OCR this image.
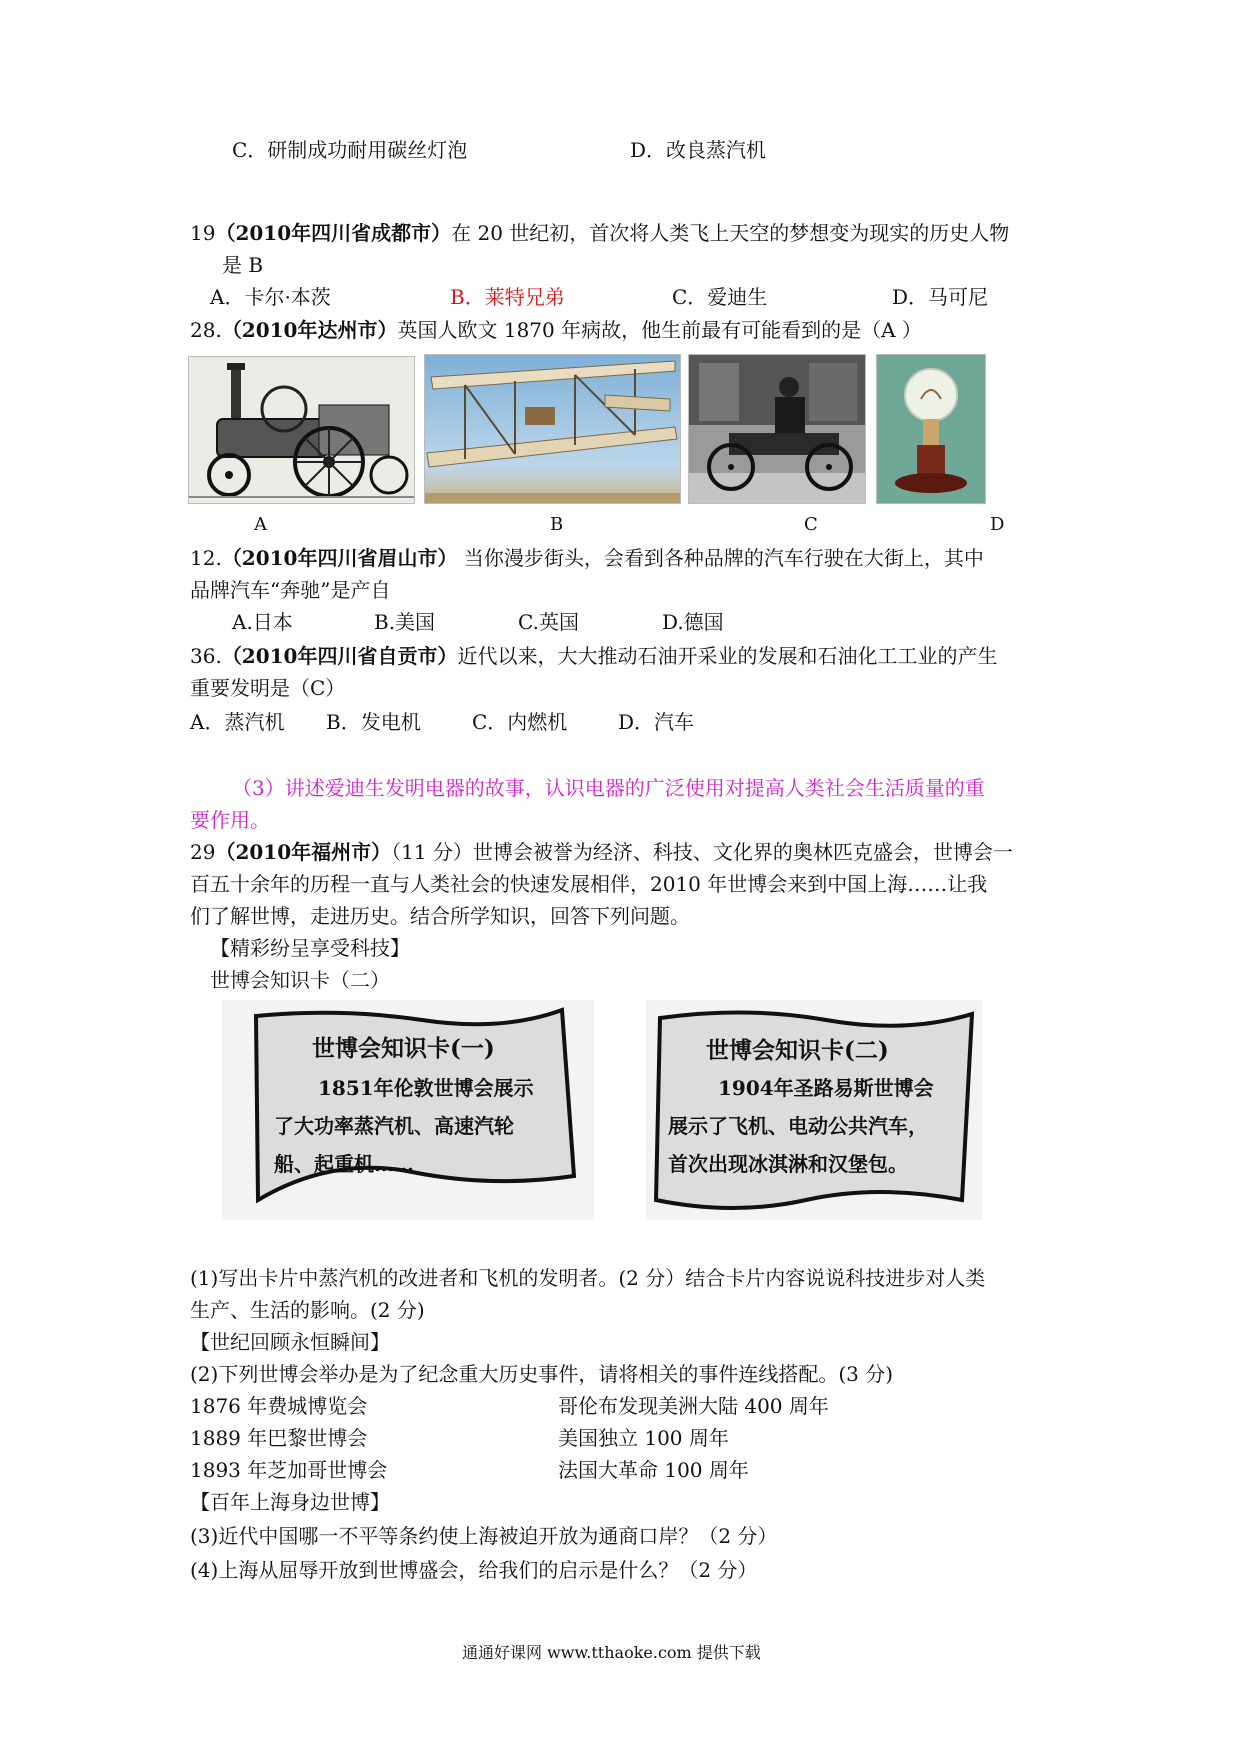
C．研制成功耐用碳丝灯泡	D．改良蒸汽机
19（2010年四川省成都市）在 20 世纪初，首次将人类飞上天空的梦想变为现实的历史人物
是 B
A．卡尔·本茨	B．莱特兄弟	C．爱迪生	D．马可尼
28.（2010年达州市）英国人欧文 1870 年病故，他生前最有可能看到的是（A ）
A	B	C	D
12.（2010年四川省眉山市） 当你漫步街头，会看到各种品牌的汽车行驶在大街上，其中
品牌汽车“奔驰”是产自
A.日本	B.美国	C.英国	D.德国
36.（2010年四川省自贡市）近代以来，大大推动石油开采业的发展和石油化工工业的产生
重要发明是（C）
A．蒸汽机 B．发电机	C．内燃机	D．汽车
（3）讲述爱迪生发明电器的故事，认识电器的广泛使用对提高人类社会生活质量的重
要作用。
29（2010年福州市）（11 分）世博会被誉为经济、科技、文化界的奥林匹克盛会，世博会一
百五十余年的历程一直与人类社会的快速发展相伴，2010 年世博会来到中国上海……让我
们了解世博，走进历史。结合所学知识，回答下列问题。
【精彩纷呈享受科技】
世博会知识卡（二）
世博会知识卡(一)
1851年伦敦世博会展示
了大功率蒸汽机、高速汽轮
船、起重机……
世博会知识卡(二)
1904年圣路易斯世博会
展示了飞机、电动公共汽车，
首次出现冰淇淋和汉堡包。
(1)写出卡片中蒸汽机的改进者和飞机的发明者。(2 分）结合卡片内容说说科技进步对人类
生产、生活的影响。(2 分)
【世纪回顾永恒瞬间】
(2)下列世博会举办是为了纪念重大历史事件，请将相关的事件连线搭配。(3 分)
1876 年费城博览会	哥伦布发现美洲大陆 400 周年
1889 年巴黎世博会	美国独立 100 周年
1893 年芝加哥世博会	法国大革命 100 周年
【百年上海身边世博】
(3)近代中国哪一不平等条约使上海被迫开放为通商口岸？（2 分）
(4)上海从屈辱开放到世博盛会，给我们的启示是什么？（2 分）
通通好课网 www.tthaoke.com 提供下载
